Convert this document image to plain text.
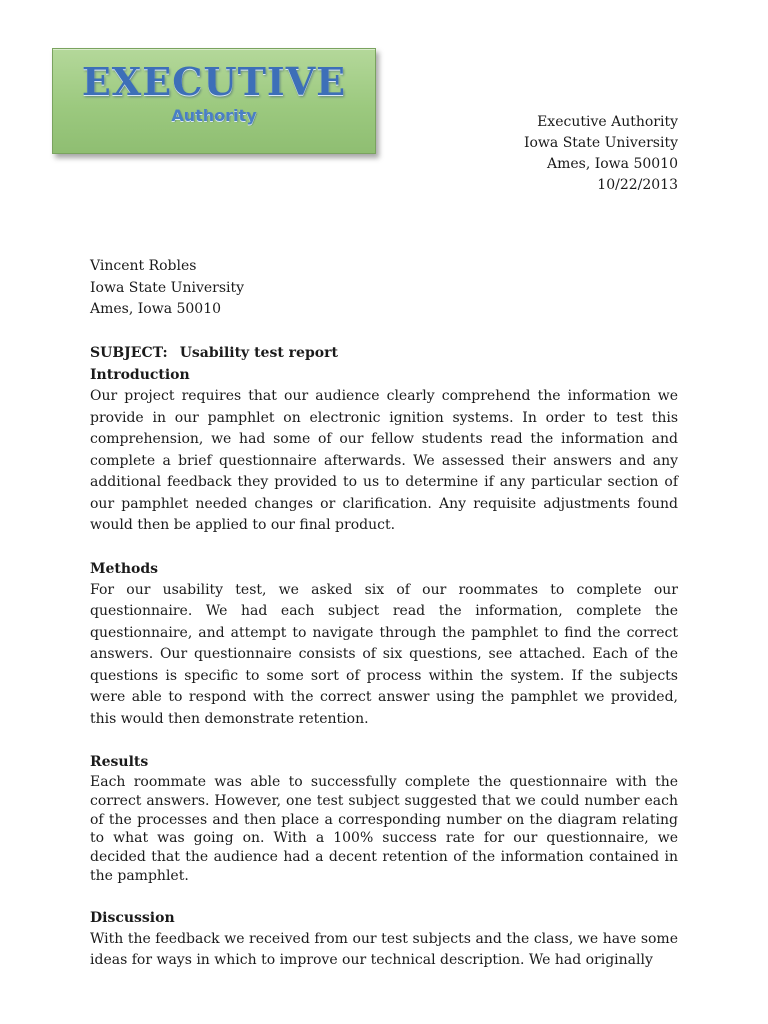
EXECUTIVE
Authority	Executive Authority
Iowa State University
Ames, Iowa 50010
10/22/2013
Vincent Robles
Iowa State University
Ames, Iowa 50010
SUBJECT: Usability test report
Introduction

Our project requires that our audience clearly comprehend the information we provide in our pamphlet on electronic ignition systems. In order to test this comprehension, we had some of our fellow students read the information and complete a brief questionnaire afterwards. We assessed their answers and any additional feedback they provided to us to determine if any particular section of our pamphlet needed changes or clarification. Any requisite adjustments found would then be applied to our final product.

Methods

For our usability test, we asked six of our roommates to complete our questionnaire. We had each subject read the information, complete the questionnaire, and attempt to navigate through the pamphlet to find the correct answers. Our questionnaire consists of six questions, see attached. Each of the questions is specific to some sort of process within the system. If the subjects were able to respond with the correct answer using the pamphlet we provided, this would then demonstrate retention.

Results

Each roommate was able to successfully complete the questionnaire with the correct answers. However, one test subject suggested that we could number each of the processes and then place a corresponding number on the diagram relating to what was going on. With a 100% success rate for our questionnaire, we decided that the audience had a decent retention of the information contained in the pamphlet.

Discussion

With the feedback we received from our test subjects and the class, we have some ideas for ways in which to improve our technical description. We had originally
